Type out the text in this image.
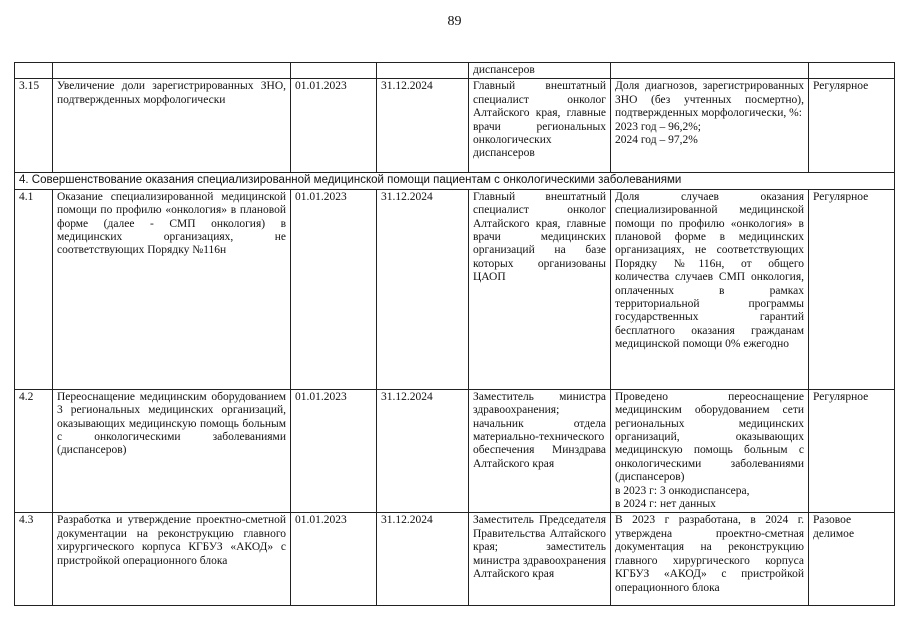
89
				диспансеров		
3.15	Увеличение доли зарегистрированных ЗНО, подтвержденных морфологически	01.01.2023	31.12.2024	Главный внештатный специалист онколог Алтайского края, главные врачи региональных онкологических диспансеров	Доля диагнозов, зарегистрированных ЗНО (без учтенных посмертно), подтвержденных морфологически, %:
2023 год – 96,2%;
2024 год – 97,2%	Регулярное
4. Совершенствование оказания специализированной медицинской помощи пациентам с онкологическими заболеваниями						
4.1	Оказание специализированной медицинской помощи по профилю «онкология» в плановой форме (далее - СМП онкология) в медицинских организациях, не соответствующих Порядку №116н	01.01.2023	31.12.2024	Главный внештатный специалист онколог Алтайского края, главные врачи медицинских организаций на базе которых организованы ЦАОП	Доля случаев оказания специализированной медицинской помощи по профилю «онкология» в плановой форме в медицинских организациях, не соответствующих Порядку №116н, от общего количества случаев СМП онкология, оплаченных в рамках территориальной программы государственных гарантий бесплатного оказания гражданам медицинской помощи 0% ежегодно	Регулярное
4.2	Переоснащение медицинским оборудованием 3 региональных медицинских организаций, оказывающих медицинскую помощь больным с онкологическими заболеваниями (диспансеров)	01.01.2023	31.12.2024	Заместитель министра здравоохранения; начальник отдела материально-технического обеспечения Минздрава Алтайского края	Проведено переоснащение медицинским оборудованием сети региональных медицинских организаций, оказывающих медицинскую помощь больным с онкологическими заболеваниями (диспансеров)
в 2023 г: 3 онкодиспансера,
в 2024 г: нет данных	Регулярное
4.3	Разработка и утверждение проектно-сметной документации на реконструкцию главного хирургического корпуса КГБУЗ «АКОД» с пристройкой операционного блока	01.01.2023	31.12.2024	Заместитель Председателя Правительства Алтайского края; заместитель министра здравоохранения Алтайского края	В 2023 г разработана, в 2024 г. утверждена проектно-сметная документация на реконструкцию главного хирургического корпуса КГБУЗ «АКОД» с пристройкой операционного блока	Разовое делимое
